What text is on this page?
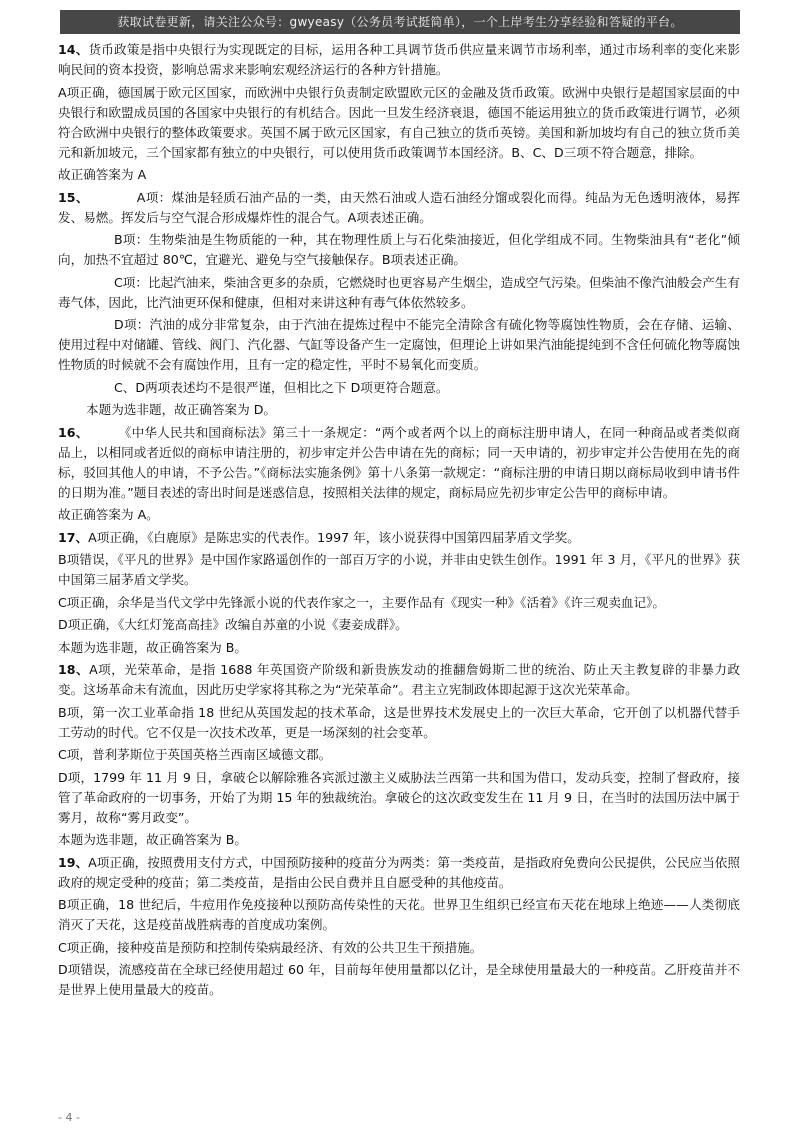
获取试卷更新，请关注公众号：gwyeasy（公务员考试挺简单），一个上岸考生分享经验和答疑的平台。

14、货币政策是指中央银行为实现既定的目标，运用各种工具调节货币供应量来调节市场利率，通过市场利率的变化来影响民间的资本投资，影响总需求来影响宏观经济运行的各种方针措施。

A项正确，德国属于欧元区国家，而欧洲中央银行负责制定欧盟欧元区的金融及货币政策。欧洲中央银行是超国家层面的中央银行和欧盟成员国的各国家中央银行的有机结合。因此一旦发生经济衰退，德国不能运用独立的货币政策进行调节，必须符合欧洲中央银行的整体政策要求。英国不属于欧元区国家，有自己独立的货币英镑。美国和新加坡均有自己的独立货币美元和新加坡元，三个国家都有独立的中央银行，可以使用货币政策调节本国经济。B、C、D三项不符合题意，排除。

故正确答案为 A

15、	A项：煤油是轻质石油产品的一类，由天然石油或人造石油经分馏或裂化而得。纯品为无色透明液体，易挥发、易燃。挥发后与空气混合形成爆炸性的混合气。A项表述正确。

B项：生物柴油是生物质能的一种，其在物理性质上与石化柴油接近，但化学组成不同。生物柴油具有“老化”倾向，加热不宜超过 80℃，宜避光、避免与空气接触保存。B项表述正确。

C项：比起汽油来，柴油含更多的杂质，它燃烧时也更容易产生烟尘，造成空气污染。但柴油不像汽油般会产生有毒气体，因此，比汽油更环保和健康，但相对来讲这种有毒气体依然较多。

D项：汽油的成分非常复杂，由于汽油在提炼过程中不能完全清除含有硫化物等腐蚀性物质，会在存储、运输、使用过程中对储罐、管线、阀门、汽化器、气缸等设备产生一定腐蚀，但理论上讲如果汽油能提纯到不含任何硫化物等腐蚀性物质的时候就不会有腐蚀作用，且有一定的稳定性，平时不易氧化而变质。

C、D两项表述均不是很严谨，但相比之下 D项更符合题意。

本题为选非题，故正确答案为 D。

16、 《中华人民共和国商标法》第三十一条规定：“两个或者两个以上的商标注册申请人，在同一种商品或者类似商品上，以相同或者近似的商标申请注册的，初步审定并公告申请在先的商标；同一天申请的，初步审定并公告使用在先的商标，驳回其他人的申请，不予公告。”《商标法实施条例》第十八条第一款规定：“商标注册的申请日期以商标局收到申请书件的日期为准。”题目表述的寄出时间是迷惑信息，按照相关法律的规定，商标局应先初步审定公告甲的商标申请。

故正确答案为 A。

17、A项正确，《白鹿原》是陈忠实的代表作。1997 年，该小说获得中国第四届茅盾文学奖。

B项错误，《平凡的世界》是中国作家路遥创作的一部百万字的小说，并非由史铁生创作。1991 年 3 月，《平凡的世界》获中国第三届茅盾文学奖。

C项正确，余华是当代文学中先锋派小说的代表作家之一，主要作品有《现实一种》《活着》《许三观卖血记》。

D项正确，《大红灯笼高高挂》改编自苏童的小说《妻妾成群》。

本题为选非题，故正确答案为 B。

18、A项，光荣革命，是指 1688 年英国资产阶级和新贵族发动的推翻詹姆斯二世的统治、防止天主教复辟的非暴力政变。这场革命未有流血，因此历史学家将其称之为“光荣革命”。君主立宪制政体即起源于这次光荣革命。

B项，第一次工业革命指 18 世纪从英国发起的技术革命，这是世界技术发展史上的一次巨大革命，它开创了以机器代替手工劳动的时代。它不仅是一次技术改革，更是一场深刻的社会变革。

C项，普利茅斯位于英国英格兰西南区域德文郡。

D项，1799 年 11 月 9 日，拿破仑以解除雅各宾派过激主义威胁法兰西第一共和国为借口，发动兵变，控制了督政府，接管了革命政府的一切事务，开始了为期 15 年的独裁统治。拿破仑的这次政变发生在 11 月 9 日，在当时的法国历法中属于雾月，故称“雾月政变”。

本题为选非题，故正确答案为 B。

19、A项正确，按照费用支付方式，中国预防接种的疫苗分为两类：第一类疫苗，是指政府免费向公民提供，公民应当依照政府的规定受种的疫苗；第二类疫苗，是指由公民自费并且自愿受种的其他疫苗。

B项正确，18 世纪后，牛痘用作免疫接种以预防高传染性的天花。世界卫生组织已经宣布天花在地球上绝迹——人类彻底消灭了天花，这是疫苗战胜病毒的首度成功案例。

C项正确，接种疫苗是预防和控制传染病最经济、有效的公共卫生干预措施。

D项错误，流感疫苗在全球已经使用超过 60 年，目前每年使用量都以亿计，是全球使用量最大的一种疫苗。乙肝疫苗并不是世界上使用量最大的疫苗。

- 4 -
